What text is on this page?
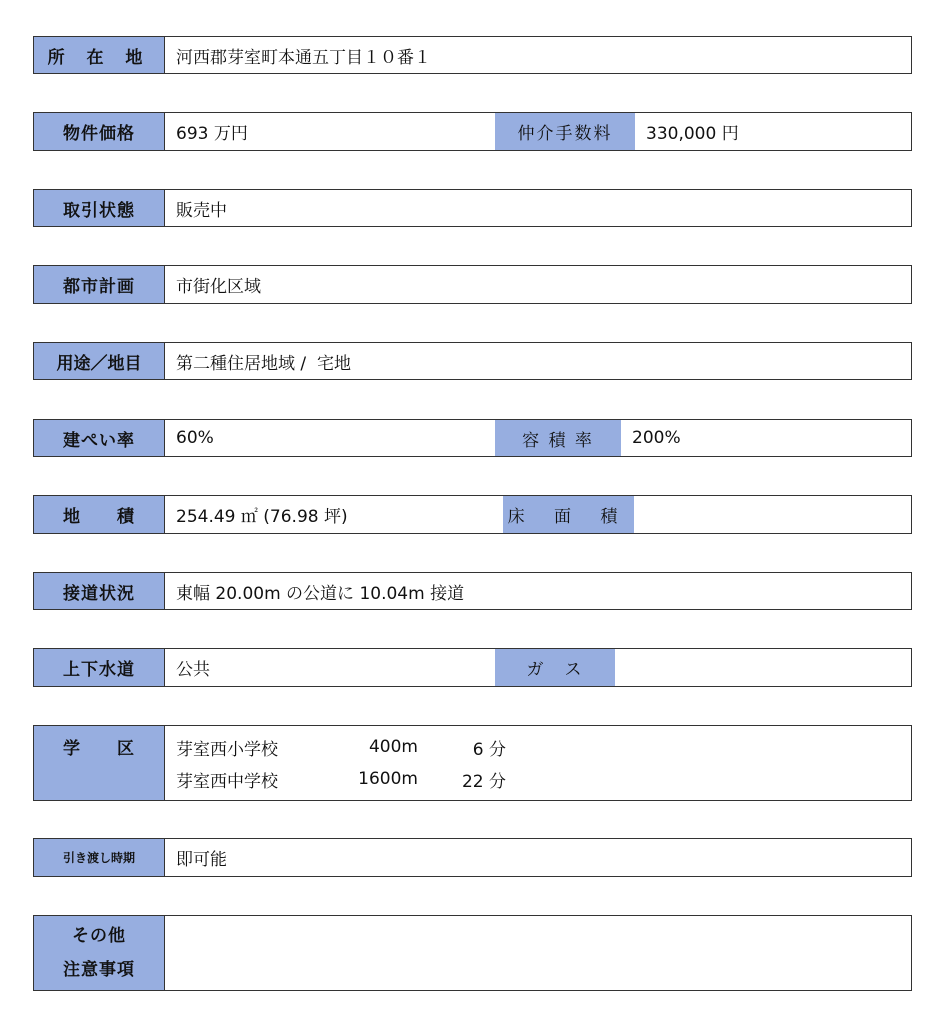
所 在 地	河西郡芽室町本通五丁目１０番１
物件価格	693 万円	仲介手数料	330,000 円
取引状態	販売中
都市計画	市街化区域
用途／地目	第二種住居地域 /  宅地
建ぺい率	60%	容 積 率	200%
地　　積	254.49 ㎡ (76.98 坪)	床 面 積
接道状況	東幅 20.00m の公道に 10.04m 接道
上下水道	公共	ガ　ス
学　　区	芽室西小学校	400m	6 分
芽室西中学校	1600m	22 分
引き渡し時期	即可能
その他
注意事項
